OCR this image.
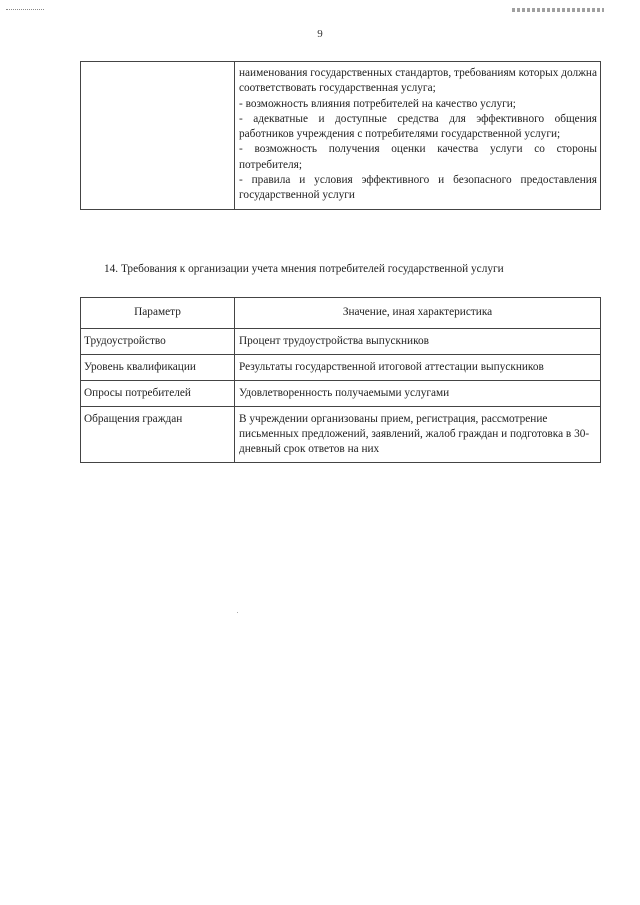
9

наименования государственных стандартов, требованиям которых должна соответствовать государственная услуга;
- возможность влияния потребителей на качество услуги;
- адекватные и доступные средства для эффективного общения работников учреждения с потребителями государственной услуги;
- возможность получения оценки качества услуги со стороны потребителя;
- правила и условия эффективного и безопасного предоставления государственной услуги
14. Требования к организации учета мнения потребителей государственной услуги
Параметр	Значение, иная характеристика
Трудоустройство	Процент трудоустройства выпускников
Уровень квалификации	Результаты государственной итоговой аттестации выпускников
Опросы потребителей	Удовлетворенность получаемыми услугами
Обращения граждан	В учреждении организованы прием, регистрация, рассмотрение письменных предложений, заявлений, жалоб граждан и подготовка в 30-дневный срок ответов на них
